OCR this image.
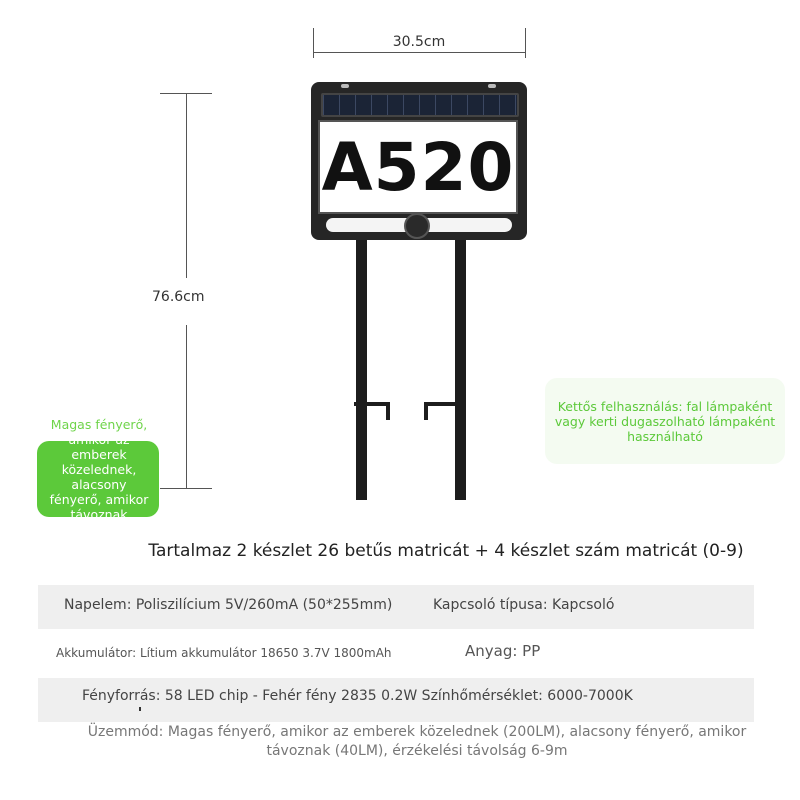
30.5cm
76.6cm
A520
Magas fényerő,
amikor az
emberek
közelednek,
alacsony
fényerő, amikor
távoznak
Kettős felhasználás: fal lámpaként
vagy kerti dugaszolható lámpaként
használható
Tartalmaz 2 készlet 26 betűs matricát + 4 készlet szám matricát (0-9)
Napelem: Poliszilícium 5V/260mA (50*255mm)	Kapcsoló típusa: Kapcsoló
Akkumulátor: Lítium akkumulátor 18650 3.7V 1800mAh	Anyag: PP
Fényforrás: 58 LED chip - Fehér fény 2835 0.2W Színhőmérséklet: 6000-7000K
Üzemmód: Magas fényerő, amikor az emberek közelednek (200LM), alacsony fényerő, amikor
távoznak (40LM), érzékelési távolság 6-9m
